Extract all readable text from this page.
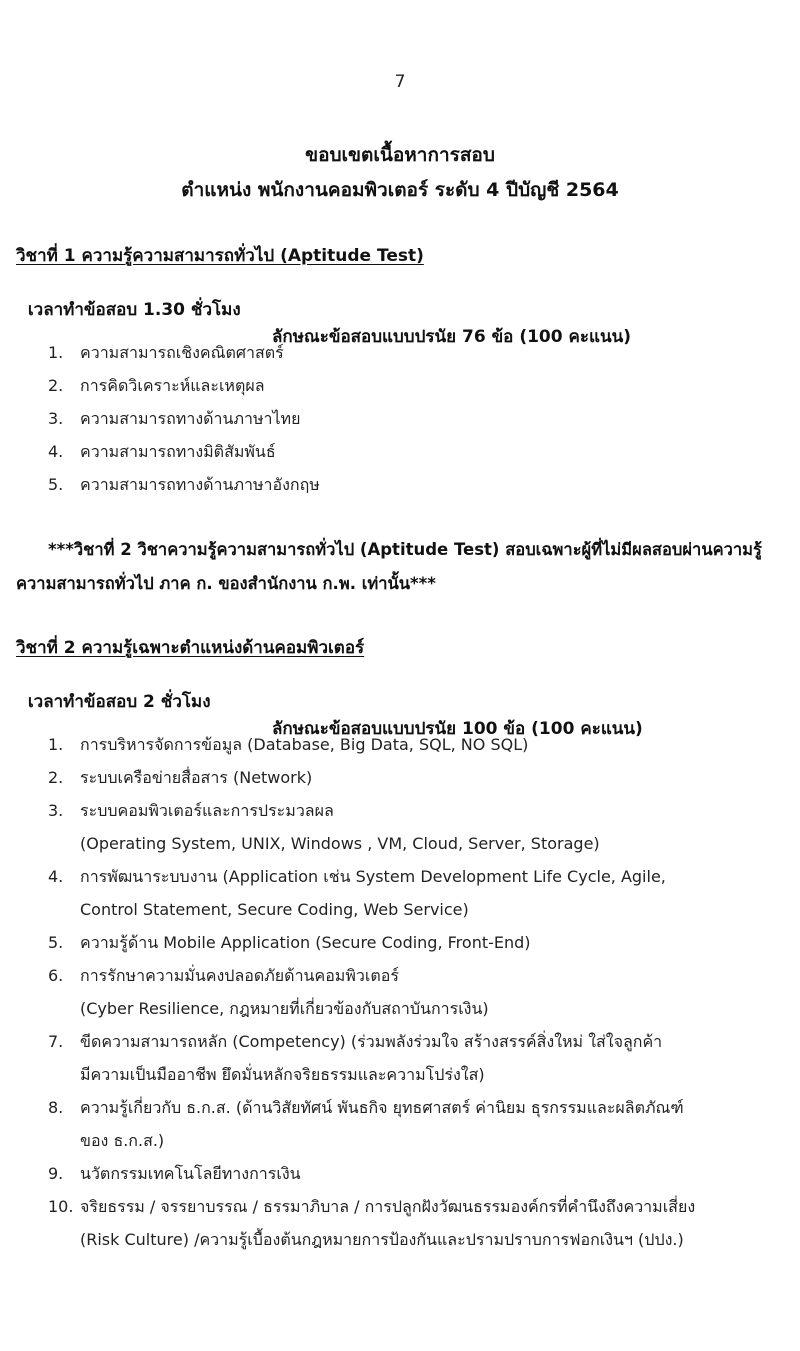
7
ขอบเขตเนื้อหาการสอบ
ตำแหน่ง พนักงานคอมพิวเตอร์ ระดับ 4 ปีบัญชี 2564
วิชาที่ 1 ความรู้ความสามารถทั่วไป (Aptitude Test)

เวลาทำข้อสอบ 1.30 ชั่วโมง

ลักษณะข้อสอบแบบปรนัย 76 ข้อ (100 คะแนน)

1.	ความสามารถเชิงคณิตศาสตร์
2.	การคิดวิเคราะห์และเหตุผล
3.	ความสามารถทางด้านภาษาไทย
4.	ความสามารถทางมิติสัมพันธ์
5.	ความสามารถทางด้านภาษาอังกฤษ
***วิชาที่ 2 วิชาความรู้ความสามารถทั่วไป (Aptitude Test) สอบเฉพาะผู้ที่ไม่มีผลสอบผ่านความรู้ความสามารถทั่วไป ภาค ก. ของสำนักงาน ก.พ. เท่านั้น***
วิชาที่ 2 ความรู้เฉพาะตำแหน่งด้านคอมพิวเตอร์

เวลาทำข้อสอบ 2 ชั่วโมง

ลักษณะข้อสอบแบบปรนัย 100 ข้อ (100 คะแนน)

1.	การบริหารจัดการข้อมูล (Database, Big Data, SQL, NO SQL)
2.	ระบบเครือข่ายสื่อสาร (Network)
3.	ระบบคอมพิวเตอร์และการประมวลผล
(Operating System, UNIX, Windows , VM, Cloud, Server, Storage)
4.	การพัฒนาระบบงาน (Application เช่น System Development Life Cycle, Agile,
Control Statement, Secure Coding, Web Service)
5.	ความรู้ด้าน Mobile Application (Secure Coding, Front-End)
6.	การรักษาความมั่นคงปลอดภัยด้านคอมพิวเตอร์
(Cyber Resilience, กฎหมายที่เกี่ยวข้องกับสถาบันการเงิน)
7.	ขีดความสามารถหลัก (Competency) (ร่วมพลังร่วมใจ สร้างสรรค์สิ่งใหม่ ใส่ใจลูกค้า
มีความเป็นมืออาชีพ ยึดมั่นหลักจริยธรรมและความโปร่งใส)
8.	ความรู้เกี่ยวกับ ธ.ก.ส. (ด้านวิสัยทัศน์ พันธกิจ ยุทธศาสตร์ ค่านิยม ธุรกรรมและผลิตภัณฑ์
ของ ธ.ก.ส.)
9.	นวัตกรรมเทคโนโลยีทางการเงิน
10. จริยธรรม / จรรยาบรรณ / ธรรมาภิบาล / การปลูกฝังวัฒนธรรมองค์กรที่คำนึงถึงความเสี่ยง
(Risk Culture) /ความรู้เบื้องต้นกฎหมายการป้องกันและปรามปราบการฟอกเงินฯ (ปปง.)
